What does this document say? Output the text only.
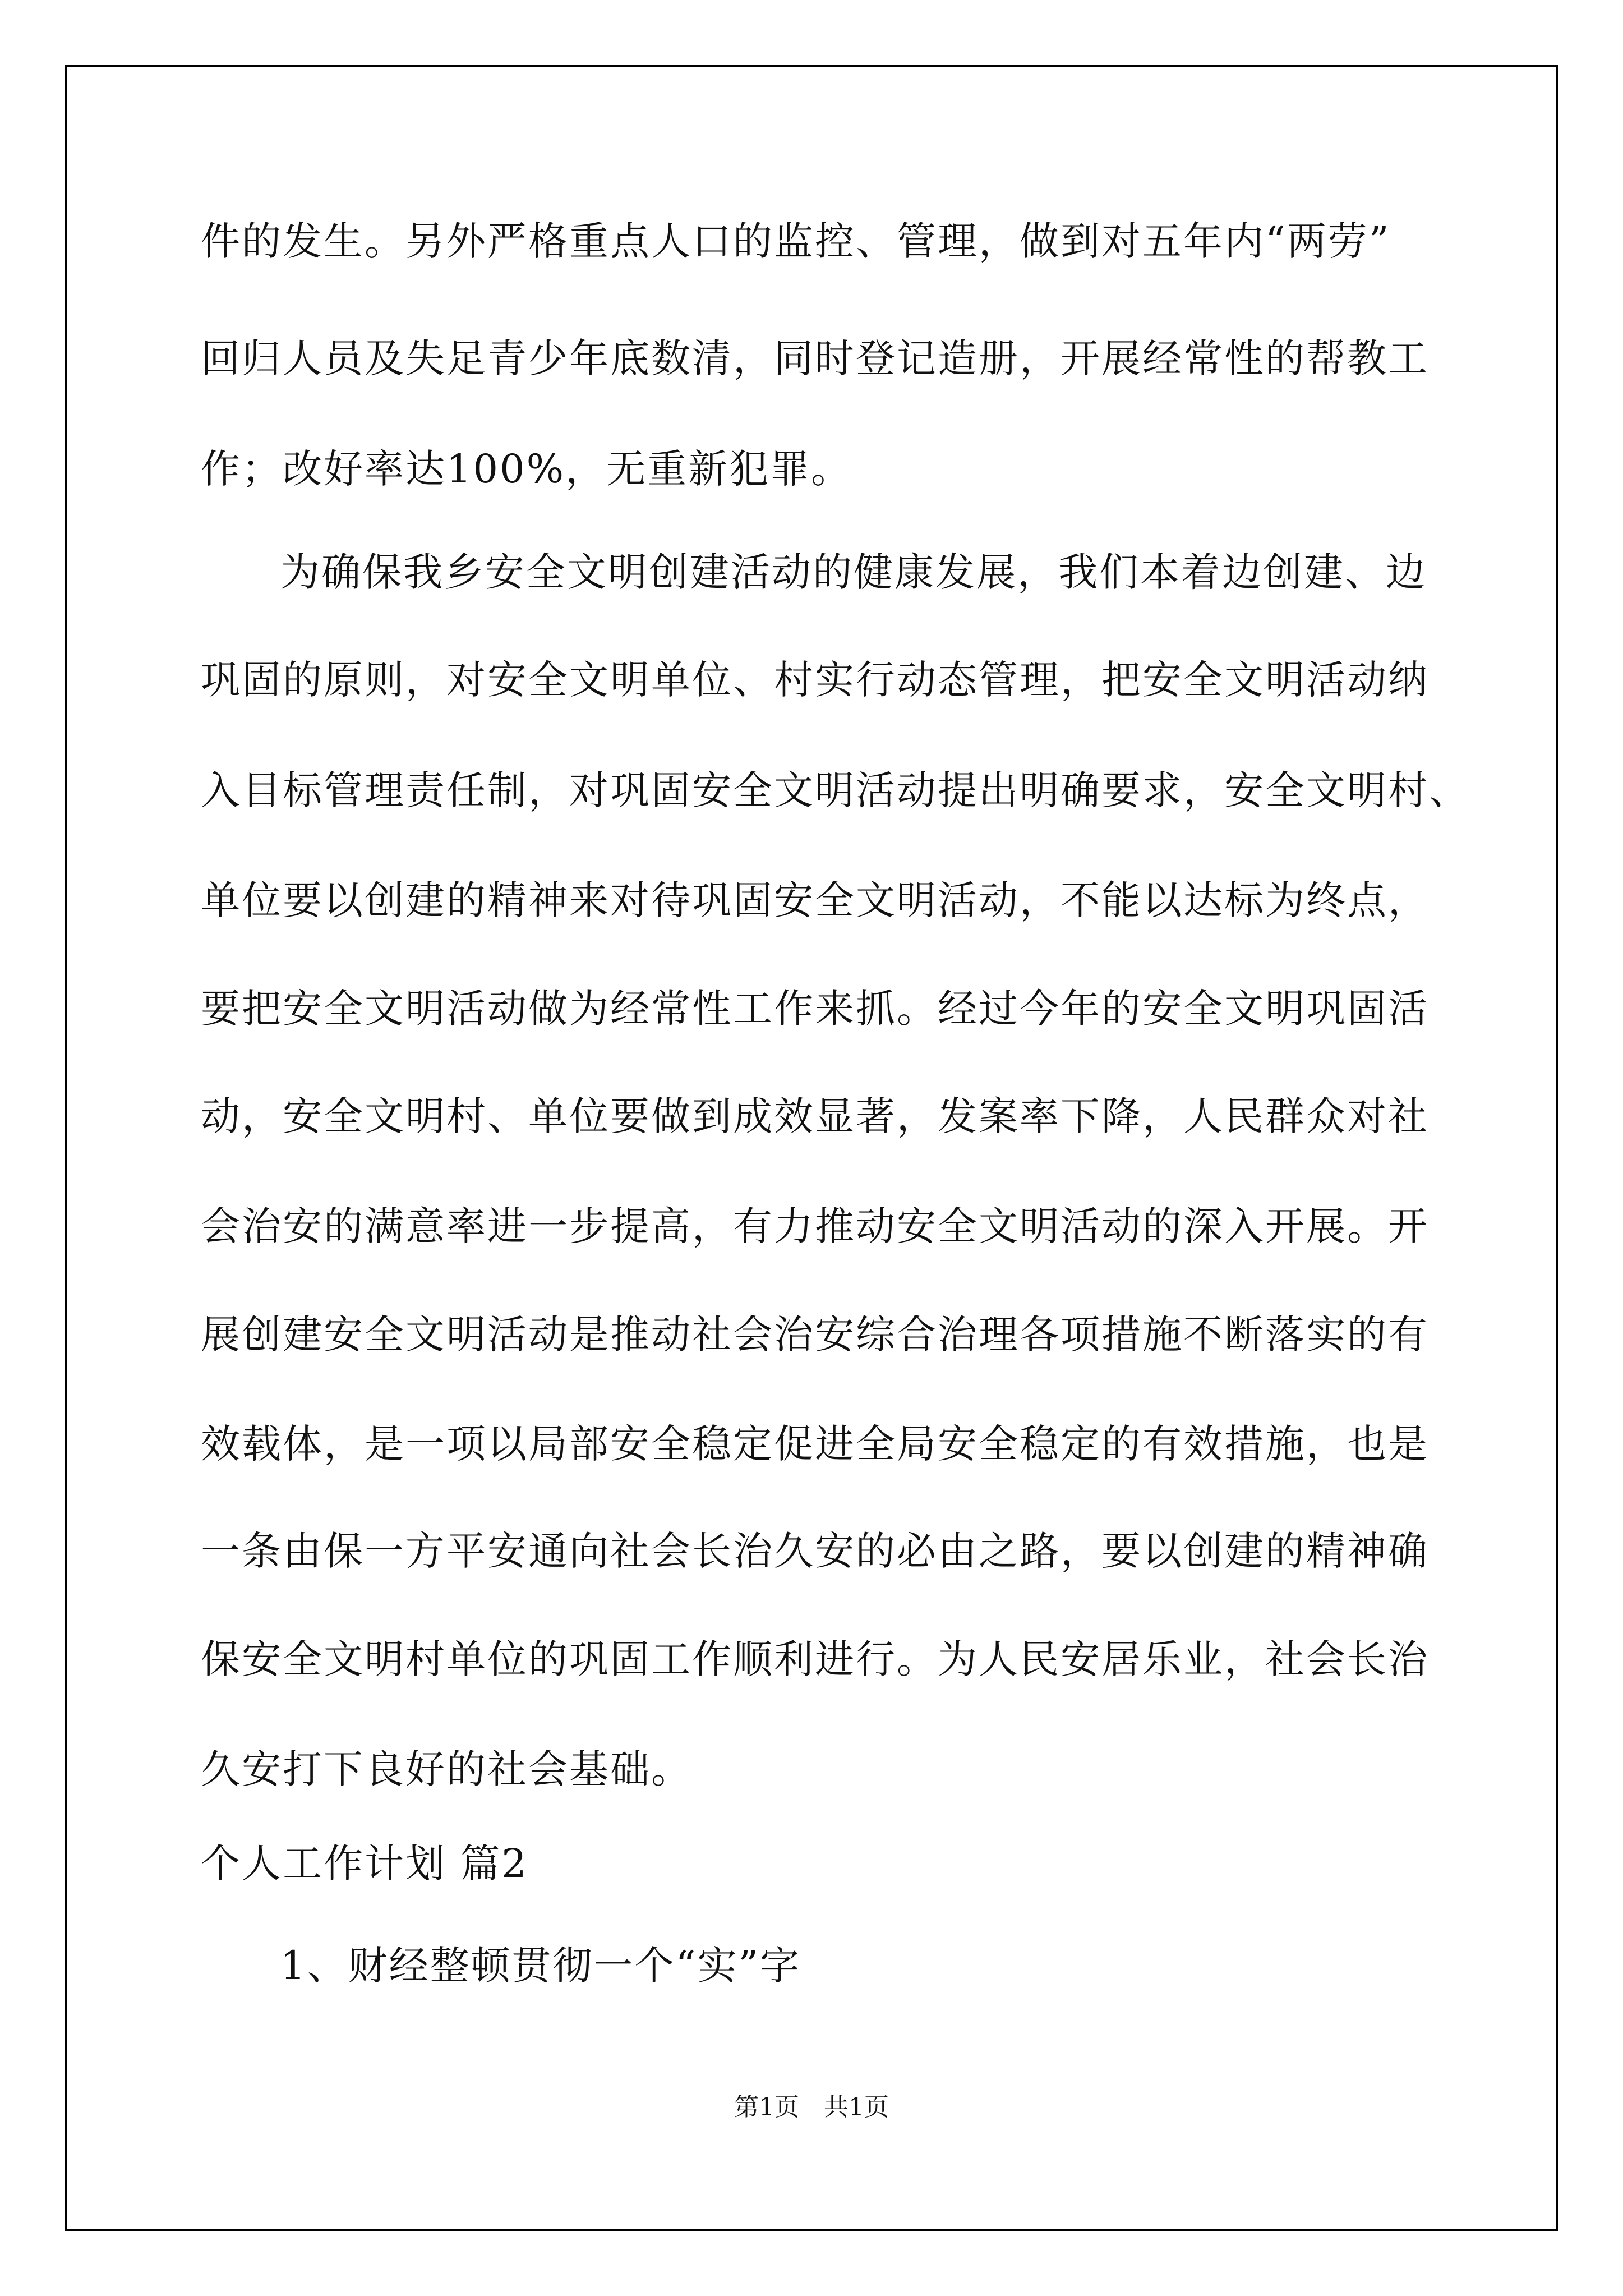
件的发生。另外严格重点人口的监控、管理，做到对五年内“两劳”
回归人员及失足青少年底数清，同时登记造册，开展经常性的帮教工
作；改好率达100%，无重新犯罪。
为确保我乡安全文明创建活动的健康发展，我们本着边创建、边
巩固的原则，对安全文明单位、村实行动态管理，把安全文明活动纳
入目标管理责任制，对巩固安全文明活动提出明确要求，安全文明村、
单位要以创建的精神来对待巩固安全文明活动，不能以达标为终点，
要把安全文明活动做为经常性工作来抓。经过今年的安全文明巩固活
动，安全文明村、单位要做到成效显著，发案率下降，人民群众对社
会治安的满意率进一步提高，有力推动安全文明活动的深入开展。开
展创建安全文明活动是推动社会治安综合治理各项措施不断落实的有
效载体，是一项以局部安全稳定促进全局安全稳定的有效措施，也是
一条由保一方平安通向社会长治久安的必由之路，要以创建的精神确
保安全文明村单位的巩固工作顺利进行。为人民安居乐业，社会长治
久安打下良好的社会基础。
个人工作计划 篇2
1、财经整顿贯彻一个“实”字
第1页　共1页
